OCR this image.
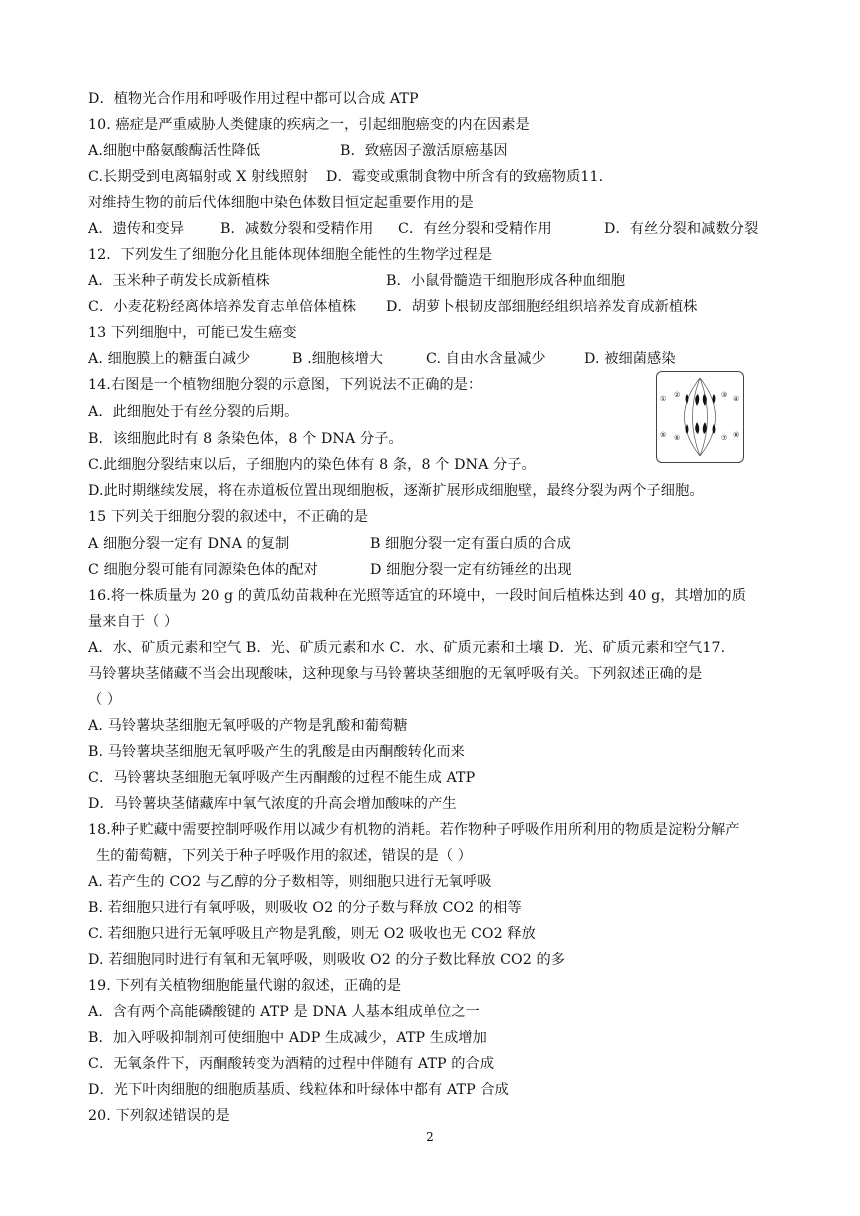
D．植物光合作用和呼吸作用过程中都可以合成 ATP
10. 癌症是严重威胁人类健康的疾病之一，引起细胞癌变的内在因素是
A.细胞中酪氨酸酶活性降低	B．致癌因子激活原癌基因
C.长期受到电离辐射或 X 射线照射 D．霉变或熏制食物中所含有的致癌物质11.
对维持生物的前后代体细胞中染色体数目恒定起重要作用的是
A．遗传和变异	B．减数分裂和受精作用 C．有丝分裂和受精作用	D．有丝分裂和减数分裂
12．下列发生了细胞分化且能体现体细胞全能性的生物学过程是
A．玉米种子萌发长成新植株	B．小鼠骨髓造干细胞形成各种血细胞
C．小麦花粉经离体培养发育志单倍体植株 D．胡萝卜根韧皮部细胞经组织培养发育成新植株
13 下列细胞中，可能已发生癌变
A. 细胞膜上的糖蛋白减少	B .细胞核增大	C. 自由水含量减少	D. 被细菌感染
14.右图是一个植物细胞分裂的示意图，下列说法不正确的是：
A．此细胞处于有丝分裂的后期。
B．该细胞此时有 8 条染色体，8 个 DNA 分子。
C.此细胞分裂结束以后，子细胞内的染色体有 8 条，8 个 DNA 分子。
D.此时期继续发展，将在赤道板位置出现细胞板，逐渐扩展形成细胞壁，最终分裂为两个子细胞。
15 下列关于细胞分裂的叙述中，不正确的是
A 细胞分裂一定有 DNA 的复制	B 细胞分裂一定有蛋白质的合成
C 细胞分裂可能有同源染色体的配对	D 细胞分裂一定有纺锤丝的出现
16.将一株质量为 20 g 的黄瓜幼苗栽种在光照等适宜的环境中，一段时间后植株达到 40 g，其增加的质
量来自于（ ）
A．水、矿质元素和空气 B．光、矿质元素和水 C．水、矿质元素和土壤 D．光、矿质元素和空气17.
马铃薯块茎储藏不当会出现酸味，这种现象与马铃薯块茎细胞的无氧呼吸有关。下列叙述正确的是
（ ）
A. 马铃薯块茎细胞无氧呼吸的产物是乳酸和葡萄糖
B. 马铃薯块茎细胞无氧呼吸产生的乳酸是由丙酮酸转化而来
C．马铃薯块茎细胞无氧呼吸产生丙酮酸的过程不能生成 ATP
D．马铃薯块茎储藏库中氧气浓度的升高会增加酸味的产生
18.种子贮藏中需要控制呼吸作用以减少有机物的消耗。若作物种子呼吸作用所利用的物质是淀粉分解产
生的葡萄糖，下列关于种子呼吸作用的叙述，错误的是（ ）
A. 若产生的 CO2 与乙醇的分子数相等，则细胞只进行无氧呼吸
B. 若细胞只进行有氧呼吸，则吸收 O2 的分子数与释放 CO2 的相等
C. 若细胞只进行无氧呼吸且产物是乳酸，则无 O2 吸收也无 CO2 释放
D. 若细胞同时进行有氧和无氧呼吸，则吸收 O2 的分子数比释放 CO2 的多
19. 下列有关植物细胞能量代谢的叙述，正确的是
A．含有两个高能磷酸键的 ATP 是 DNA 人基本组成单位之一
B．加入呼吸抑制剂可使细胞中 ADP 生成减少，ATP 生成增加
C．无氧条件下，丙酮酸转变为酒精的过程中伴随有 ATP 的合成
D．光下叶肉细胞的细胞质基质、线粒体和叶绿体中都有 ATP 合成
20. 下列叙述错误的是
① ②	③ ④
⑤ ⑥	⑦ ⑧
2
